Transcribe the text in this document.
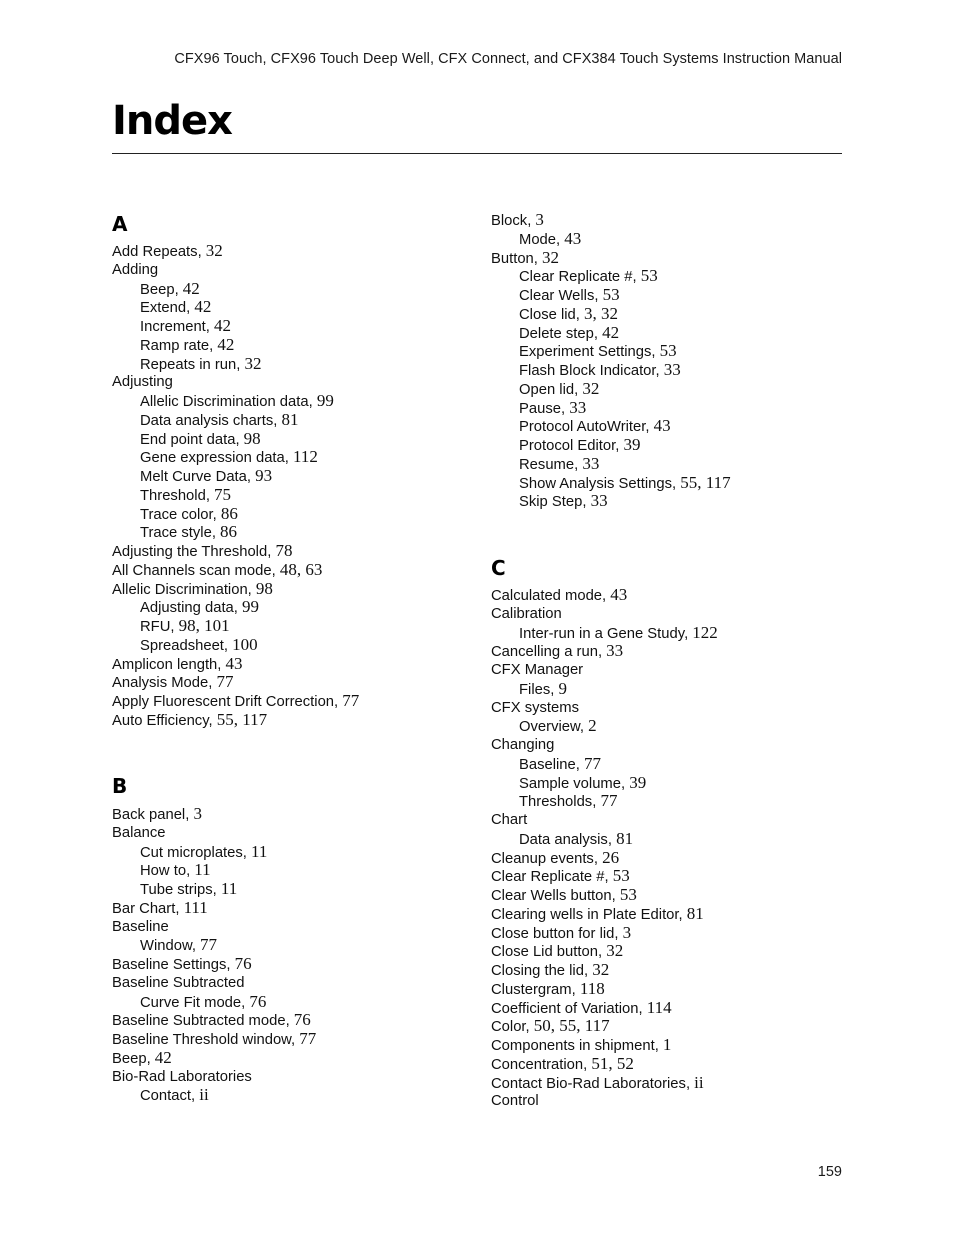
CFX96 Touch, CFX96 Touch Deep Well, CFX Connect, and CFX384 Touch Systems Instruction Manual
Index
A
Add Repeats, 32
Adding
Beep, 42
Extend, 42
Increment, 42
Ramp rate, 42
Repeats in run, 32
Adjusting
Allelic Discrimination data, 99
Data analysis charts, 81
End point data, 98
Gene expression data, 112
Melt Curve Data, 93
Threshold, 75
Trace color, 86
Trace style, 86
Adjusting the Threshold, 78
All Channels scan mode, 48, 63
Allelic Discrimination, 98
Adjusting data, 99
RFU, 98, 101
Spreadsheet, 100
Amplicon length, 43
Analysis Mode, 77
Apply Fluorescent Drift Correction, 77
Auto Efficiency, 55, 117
B
Back panel, 3
Balance
Cut microplates, 11
How to, 11
Tube strips, 11
Bar Chart, 111
Baseline
Window, 77
Baseline Settings, 76
Baseline Subtracted
Curve Fit mode, 76
Baseline Subtracted mode, 76
Baseline Threshold window, 77
Beep, 42
Bio-Rad Laboratories
Contact, ii
Block, 3
Mode, 43
Button, 32
Clear Replicate #, 53
Clear Wells, 53
Close lid, 3, 32
Delete step, 42
Experiment Settings, 53
Flash Block Indicator, 33
Open lid, 32
Pause, 33
Protocol AutoWriter, 43
Protocol Editor, 39
Resume, 33
Show Analysis Settings, 55, 117
Skip Step, 33
C
Calculated mode, 43
Calibration
Inter-run in a Gene Study, 122
Cancelling a run, 33
CFX Manager
Files, 9
CFX systems
Overview, 2
Changing
Baseline, 77
Sample volume, 39
Thresholds, 77
Chart
Data analysis, 81
Cleanup events, 26
Clear Replicate #, 53
Clear Wells button, 53
Clearing wells in Plate Editor, 81
Close button for lid, 3
Close Lid button, 32
Closing the lid, 32
Clustergram, 118
Coefficient of Variation, 114
Color, 50, 55, 117
Components in shipment, 1
Concentration, 51, 52
Contact Bio-Rad Laboratories, ii
Control
159
